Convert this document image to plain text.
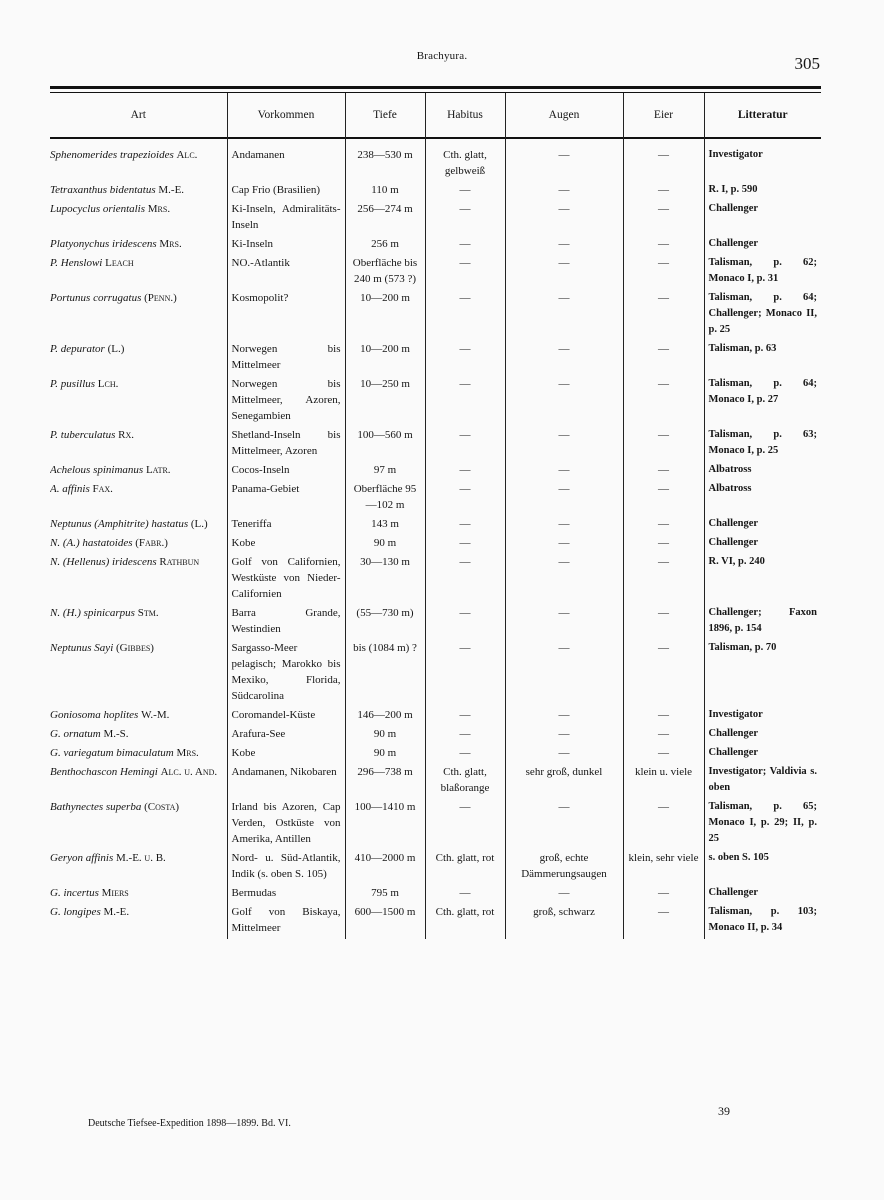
Brachyura.	305
Art	Vorkommen	Tiefe	Habitus	Augen	Eier	Litteratur
Sphenomerides trapezioides Alc.	Andamanen	238—530 m	Cth. glatt, gelbweiß	—	—	Investigator
Tetraxanthus bidentatus M.-E.	Cap Frio (Brasilien)	110 m	—	—	—	R. I, p. 590
Lupocyclus orientalis Mrs.	Ki-Inseln, Admiralitäts-Inseln	256—274 m	—	—	—	Challenger
Platyonychus iridescens Mrs.	Ki-Inseln	256 m	—	—	—	Challenger
P. Henslowi Leach	NO.-Atlantik	Oberfläche bis 240 m (573 ?)	—	—	—	Talisman, p. 62; Monaco I, p. 31
Portunus corrugatus (Penn.)	Kosmopolit?	10—200 m	—	—	—	Talisman, p. 64; Challenger; Monaco II, p. 25
P. depurator (L.)	Norwegen bis Mittelmeer	10—200 m	—	—	—	Talisman, p. 63
P. pusillus Lch.	Norwegen bis Mittelmeer, Azoren, Senegambien	10—250 m	—	—	—	Talisman, p. 64; Monaco I, p. 27
P. tuberculatus Rx.	Shetland-Inseln bis Mittelmeer, Azoren	100—560 m	—	—	—	Talisman, p. 63; Monaco I, p. 25
Achelous spinimanus Latr.	Cocos-Inseln	97 m	—	—	—	Albatross
A. affinis Fax.	Panama-Gebiet	Oberfläche 95—102 m	—	—	—	Albatross
Neptunus (Amphitrite) hastatus (L.)	Teneriffa	143 m	—	—	—	Challenger
N. (A.) hastatoides (Fabr.)	Kobe	90 m	—	—	—	Challenger
N. (Hellenus) iridescens Rathbun	Golf von Californien, Westküste von Nieder-Californien	30—130 m	—	—	—	R. VI, p. 240
N. (H.) spinicarpus Stm.	Barra Grande, Westindien	(55—730 m)	—	—	—	Challenger; Faxon 1896, p. 154
Neptunus Sayi (Gibbes)	Sargasso-Meer pelagisch; Marokko bis Mexiko, Florida, Südcarolina	bis (1084 m) ?	—	—	—	Talisman, p. 70
Goniosoma hoplites W.-M.	Coromandel-Küste	146—200 m	—	—	—	Investigator
G. ornatum M.-S.	Arafura-See	90 m	—	—	—	Challenger
G. variegatum bimaculatum Mrs.	Kobe	90 m	—	—	—	Challenger
Benthochascon Hemingi Alc. u. And.	Andamanen, Nikobaren	296—738 m	Cth. glatt, blaßorange	sehr groß, dunkel	klein u. viele	Investigator; Valdivia s. oben
Bathynectes superba (Costa)	Irland bis Azoren, Cap Verden, Ostküste von Amerika, Antillen	100—1410 m	—	—	—	Talisman, p. 65; Monaco I, p. 29; II, p. 25
Geryon affinis M.-E. u. B.	Nord- u. Süd-Atlantik, Indik (s. oben S. 105)	410—2000 m	Cth. glatt, rot	groß, echte Dämmerungsaugen	klein, sehr viele	s. oben S. 105
G. incertus Miers	Bermudas	795 m	—	—	—	Challenger
G. longipes M.-E.	Golf von Biskaya, Mittelmeer	600—1500 m	Cth. glatt, rot	groß, schwarz	—	Talisman, p. 103; Monaco II, p. 34
Deutsche Tiefsee-Expedition 1898—1899. Bd. VI.
39
